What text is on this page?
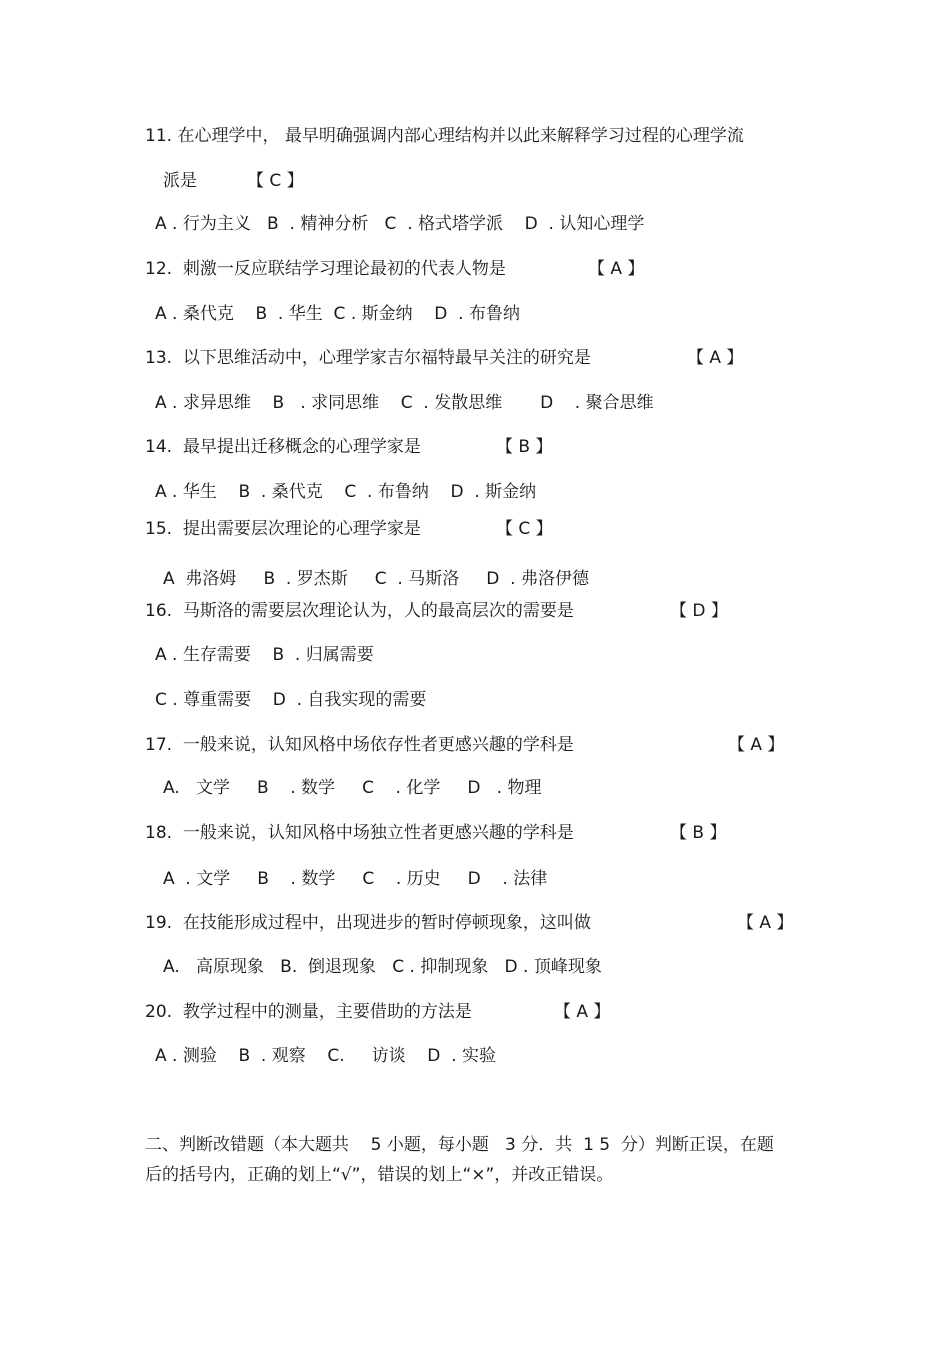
11. 在心理学中， 最早明确强调内部心理结构并以此来解释学习过程的心理学流
派是	【 C 】
A . 行为主义   B  . 精神分析   C  . 格式塔学派    D  . 认知心理学
12.  刺激一反应联结学习理论最初的代表人物是	【 A 】
A . 桑代克    B  . 华生  C . 斯金纳    D  . 布鲁纳
13.  以下思维活动中，心理学家吉尔福特最早关注的研究是	【 A 】
A . 求异思维    B   . 求同思维    C  . 发散思维       D    . 聚合思维
14.  最早提出迁移概念的心理学家是	【 B 】
A . 华生    B  . 桑代克    C  . 布鲁纳    D  . 斯金纳
15.  提出需要层次理论的心理学家是	【 C 】
A  弗洛姆     B  . 罗杰斯     C  . 马斯洛     D  . 弗洛伊德
16.  马斯洛的需要层次理论认为，人的最高层次的需要是	【 D 】
A . 生存需要    B  . 归属需要
C . 尊重需要    D  . 自我实现的需要
17.  一般来说，认知风格中场依存性者更感兴趣的学科是	【 A 】
A.   文学     B    . 数学     C    . 化学     D   . 物理
18.  一般来说，认知风格中场独立性者更感兴趣的学科是	【 B 】
A  . 文学     B    . 数学     C    . 历史     D    . 法律
19.  在技能形成过程中，出现进步的暂时停顿现象，这叫做	【 A 】
A.   高原现象   B.  倒退现象   C . 抑制现象   D . 顶峰现象
20.  教学过程中的测量，主要借助的方法是	【 A 】
A . 测验    B  . 观察    C.     访谈    D  . 实验
二、判断改错题（本大题共    5 小题，每小题   3 分．共  1 5  分）判断正误，在题
后的括号内，正确的划上“√”，错误的划上“×”，并改正错误。
